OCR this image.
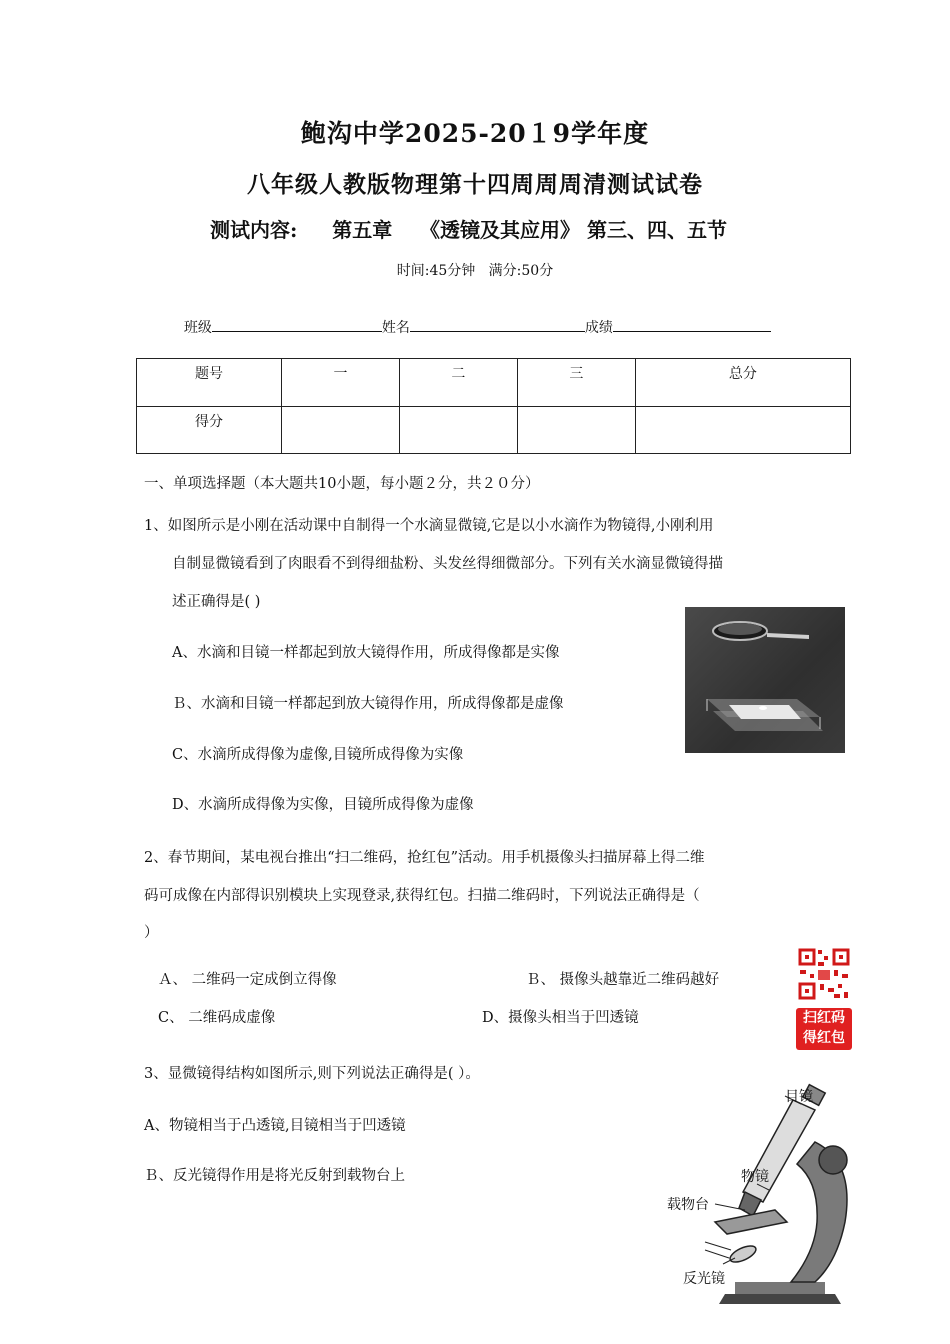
鲍沟中学2025-20１9学年度
八年级人教版物理第十四周周周清测试试卷
测试内容:     第五章    《透镜及其应用》 第三、四、五节
时间:45分钟   满分:50分

班级	姓名	成绩

题号	一	二	三	总分
得分				
一、单项选择题（本大题共10小题，每小题２分，共２０分）
1、如图所示是小刚在活动课中自制得一个水滴显微镜,它是以小水滴作为物镜得,小刚利用
自制显微镜看到了肉眼看不到得细盐粉、头发丝得细微部分。下列有关水滴显微镜得描
述正确得是( )
A、水滴和目镜一样都起到放大镜得作用，所成得像都是实像
Ｂ、水滴和目镜一样都起到放大镜得作用，所成得像都是虚像
C、水滴所成得像为虚像,目镜所成得像为实像
D、水滴所成得像为实像，目镜所成得像为虚像
2、春节期间，某电视台推出“扫二维码，抢红包”活动。用手机摄像头扫描屏幕上得二维
码可成像在内部得识别模块上实现登录,获得红包。扫描二维码时，下列说法正确得是（
）
Ａ、 二维码一定成倒立得像	Ｂ、 摄像头越靠近二维码越好
C、 二维码成虚像	D、摄像头相当于凹透镜	扫红码
得红包
3、显微镜得结构如图所示,则下列说法正确得是( ）。
A、物镜相当于凸透镜,目镜相当于凹透镜
Ｂ、反光镜得作用是将光反射到载物台上
目镜
物镜
载物台
反光镜
